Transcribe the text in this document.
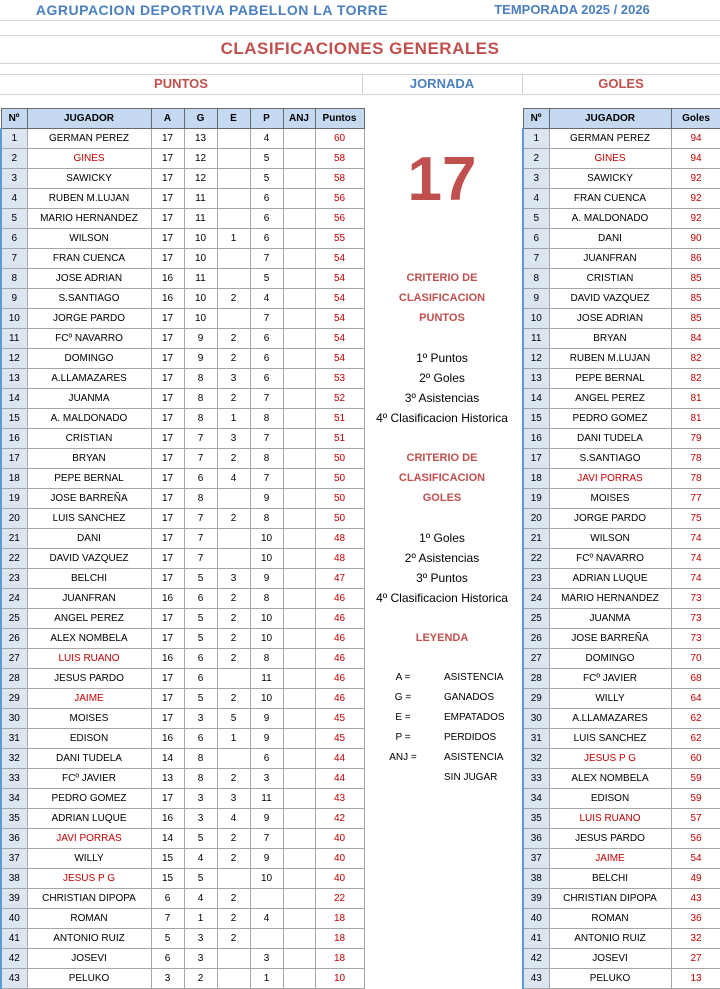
AGRUPACION DEPORTIVA PABELLON LA TORRE	TEMPORADA 2025 / 2026
CLASIFICACIONES GENERALES
PUNTOS	JORNADA	GOLES
Nº	JUGADOR	A	G	E	P	ANJ	Puntos
1	GERMAN PEREZ	17	13		4		60
2	GINES	17	12		5		58
3	SAWICKY	17	12		5		58
4	RUBEN M.LUJAN	17	11		6		56
5	MARIO HERNANDEZ	17	11		6		56
6	WILSON	17	10	1	6		55
7	FRAN CUENCA	17	10		7		54
8	JOSE ADRIAN	16	11		5		54
9	S.SANTIAGO	16	10	2	4		54
10	JORGE PARDO	17	10		7		54
11	FCº NAVARRO	17	9	2	6		54
12	DOMINGO	17	9	2	6		54
13	A.LLAMAZARES	17	8	3	6		53
14	JUANMA	17	8	2	7		52
15	A. MALDONADO	17	8	1	8		51
16	CRISTIAN	17	7	3	7		51
17	BRYAN	17	7	2	8		50
18	PEPE BERNAL	17	6	4	7		50
19	JOSE BARREÑA	17	8		9		50
20	LUIS SANCHEZ	17	7	2	8		50
21	DANI	17	7		10		48
22	DAVID VAZQUEZ	17	7		10		48
23	BELCHI	17	5	3	9		47
24	JUANFRAN	16	6	2	8		46
25	ANGEL PEREZ	17	5	2	10		46
26	ALEX NOMBELA	17	5	2	10		46
27	LUIS RUANO	16	6	2	8		46
28	JESUS PARDO	17	6		11		46
29	JAIME	17	5	2	10		46
30	MOISES	17	3	5	9		45
31	EDISON	16	6	1	9		45
32	DANI TUDELA	14	8		6		44
33	FCº JAVIER	13	8	2	3		44
34	PEDRO GOMEZ	17	3	3	11		43
35	ADRIAN LUQUE	16	3	4	9		42
36	JAVI PORRAS	14	5	2	7		40
37	WILLY	15	4	2	9		40
38	JESUS P G	15	5		10		40
39	CHRISTIAN DIPOPA	6	4	2			22
40	ROMAN	7	1	2	4		18
41	ANTONIO RUIZ	5	3	2			18
42	JOSEVI	6	3		3		18
43	PELUKO	3	2		1		10
17
CRITERIO DE
CLASIFICACION
PUNTOS
1º Puntos
2º Goles
3º Asistencias
4º Clasificacion Historica
CRITERIO DE
CLASIFICACION
GOLES
1º Goles
2º Asistencias
3º Puntos
4º Clasificacion Historica
LEYENDA
A =	ASISTENCIA
G =	GANADOS
E =	EMPATADOS
P =	PERDIDOS
ANJ =	ASISTENCIA
SIN JUGAR
Nº	JUGADOR	Goles
1	GERMAN PEREZ	94
2	GINES	94
3	SAWICKY	92
4	FRAN CUENCA	92
5	A. MALDONADO	92
6	DANI	90
7	JUANFRAN	86
8	CRISTIAN	85
9	DAVID VAZQUEZ	85
10	JOSE ADRIAN	85
11	BRYAN	84
12	RUBEN M.LUJAN	82
13	PEPE BERNAL	82
14	ANGEL PEREZ	81
15	PEDRO GOMEZ	81
16	DANI TUDELA	79
17	S.SANTIAGO	78
18	JAVI PORRAS	78
19	MOISES	77
20	JORGE PARDO	75
21	WILSON	74
22	FCº NAVARRO	74
23	ADRIAN LUQUE	74
24	MARIO HERNANDEZ	73
25	JUANMA	73
26	JOSE BARREÑA	73
27	DOMINGO	70
28	FCº JAVIER	68
29	WILLY	64
30	A.LLAMAZARES	62
31	LUIS SANCHEZ	62
32	JESUS P G	60
33	ALEX NOMBELA	59
34	EDISON	59
35	LUIS RUANO	57
36	JESUS PARDO	56
37	JAIME	54
38	BELCHI	49
39	CHRISTIAN DIPOPA	43
40	ROMAN	36
41	ANTONIO RUIZ	32
42	JOSEVI	27
43	PELUKO	13
